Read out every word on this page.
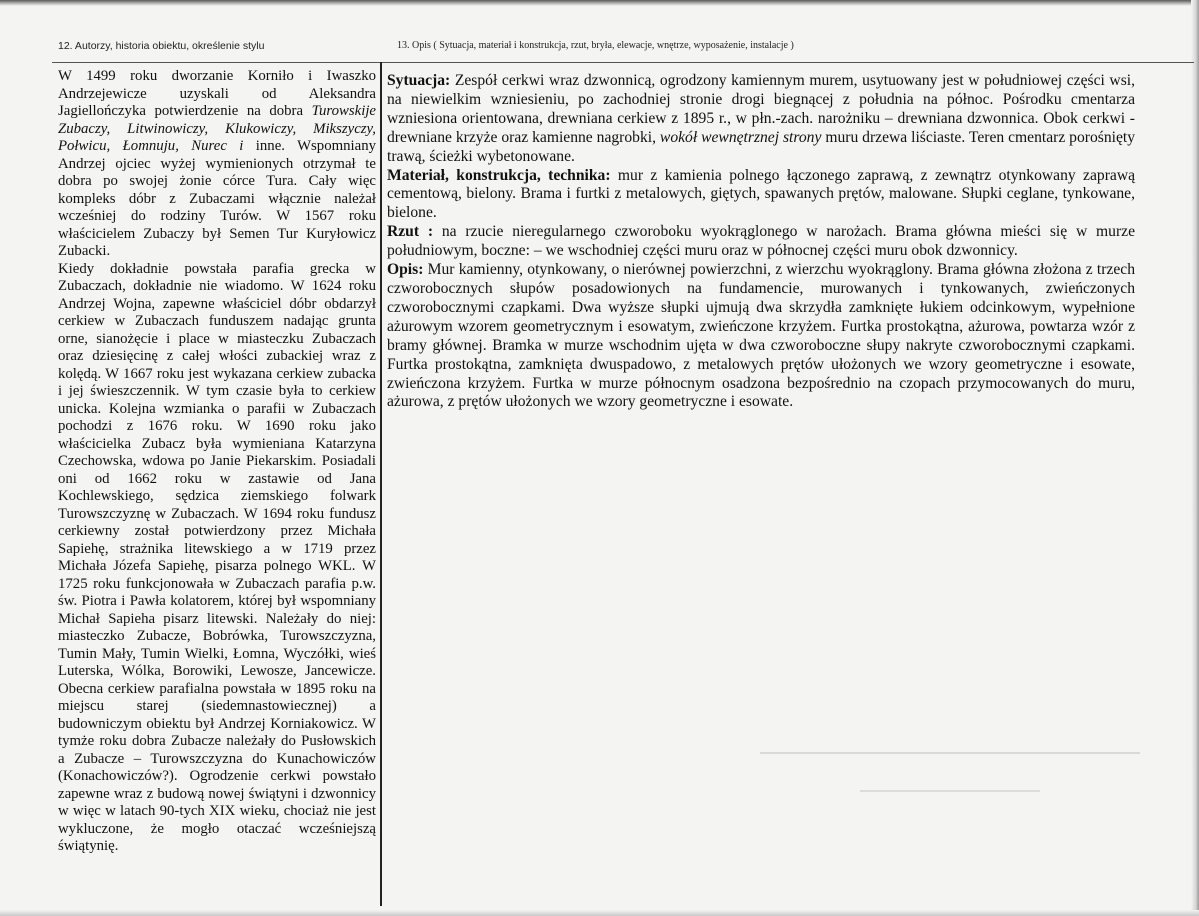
12. Autorzy, historia obiektu, określenie stylu	13. Opis ( Sytuacja, materiał i konstrukcja, rzut, bryła, elewacje, wnętrze, wyposażenie, instalacje )

W 1499 roku dworzanie Korniło i Iwaszko Andrzejewicze uzyskali od Aleksandra Jagiellończyka potwierdzenie na dobra Turowskije Zubaczy, Litwinowiczy, Klukowiczy, Mikszyczy, Połwicu, Łomnuju, Nurec i inne. Wspomniany Andrzej ojciec wyżej wymienionych otrzymał te dobra po swojej żonie córce Tura. Cały więc kompleks dóbr z Zubaczami włącznie należał wcześniej do rodziny Turów. W 1567 roku właścicielem Zubaczy był Semen Tur Kuryłowicz Zubacki.

Kiedy dokładnie powstała parafia grecka w Zubaczach, dokładnie nie wiadomo. W 1624 roku Andrzej Wojna, zapewne właściciel dóbr obdarzył cerkiew w Zubaczach funduszem nadając grunta orne, sianożęcie i place w miasteczku Zubaczach oraz dziesięcinę z całej włości zubackiej wraz z kolędą. W 1667 roku jest wykazana cerkiew zubacka i jej świeszczennik. W tym czasie była to cerkiew unicka. Kolejna wzmianka o parafii w Zubaczach pochodzi z 1676 roku. W 1690 roku jako właścicielka Zubacz była wymieniana Katarzyna Czechowska, wdowa po Janie Piekarskim. Posiadali oni od 1662 roku w zastawie od Jana Kochlewskiego, sędzica ziemskiego folwark Turowszczyznę w Zubaczach. W 1694 roku fundusz cerkiewny został potwierdzony przez Michała Sapiehę, strażnika litewskiego a w 1719 przez Michała Józefa Sapiehę, pisarza polnego WKL. W 1725 roku funkcjonowała w Zubaczach parafia p.w. św. Piotra i Pawła kolatorem, której był wspomniany Michał Sapieha pisarz litewski. Należały do niej: miasteczko Zubacze, Bobrówka, Turowszczyzna, Tumin Mały, Tumin Wielki, Łomna, Wyczółki, wieś Luterska, Wólka, Borowiki, Lewosze, Jancewicze. Obecna cerkiew parafialna powstała w 1895 roku na miejscu starej (siedemnastowiecznej) a budowniczym obiektu był Andrzej Korniakowicz. W tymże roku dobra Zubacze należały do Pusłowskich a Zubacze – Turowszczyzna do Kunachowiczów (Konachowiczów?). Ogrodzenie cerkwi powstało zapewne wraz z budową nowej świątyni i dzwonnicy w więc w latach 90-tych XIX wieku, chociaż nie jest wykluczone, że mogło otaczać wcześniejszą świątynię.

Sytuacja: Zespół cerkwi wraz dzwonnicą, ogrodzony kamiennym murem, usytuowany jest w południowej części wsi, na niewielkim wzniesieniu, po zachodniej stronie drogi biegnącej z południa na północ. Pośrodku cmentarza wzniesiona orientowana, drewniana cerkiew z 1895 r., w płn.-zach. narożniku – drewniana dzwonnica. Obok cerkwi - drewniane krzyże oraz kamienne nagrobki, wokół wewnętrznej strony muru drzewa liściaste. Teren cmentarz porośnięty trawą, ścieżki wybetonowane.

Materiał, konstrukcja, technika: mur z kamienia polnego łączonego zaprawą, z zewnątrz otynkowany zaprawą cementową, bielony. Brama i furtki z metalowych, giętych, spawanych prętów, malowane. Słupki ceglane, tynkowane, bielone.

Rzut : na rzucie nieregularnego czworoboku wyokrąglonego w narożach. Brama główna mieści się w murze południowym, boczne: – we wschodniej części muru oraz w północnej części muru obok dzwonnicy.

Opis: Mur kamienny, otynkowany, o nierównej powierzchni, z wierzchu wyokrąglony. Brama główna złożona z trzech czworobocznych słupów posadowionych na fundamencie, murowanych i tynkowanych, zwieńczonych czworobocznymi czapkami. Dwa wyższe słupki ujmują dwa skrzydła zamknięte łukiem odcinkowym, wypełnione ażurowym wzorem geometrycznym i esowatym, zwieńczone krzyżem. Furtka prostokątna, ażurowa, powtarza wzór z bramy głównej. Bramka w murze wschodnim ujęta w dwa czworoboczne słupy nakryte czworobocznymi czapkami. Furtka prostokątna, zamknięta dwuspadowo, z metalowych prętów ułożonych we wzory geometryczne i esowate, zwieńczona krzyżem. Furtka w murze północnym osadzona bezpośrednio na czopach przymocowanych do muru, ażurowa, z prętów ułożonych we wzory geometryczne i esowate.
